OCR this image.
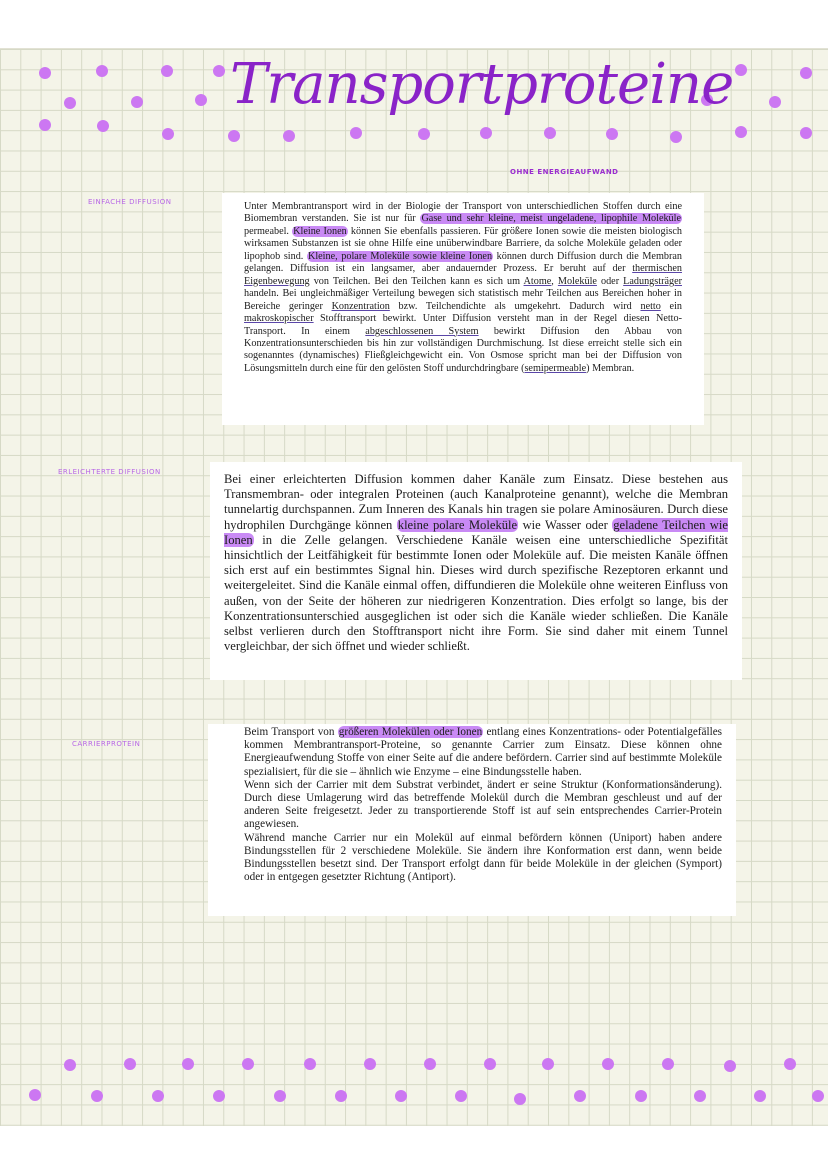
Transportproteine
OHNE ENERGIEAUFWAND
EINFACHE DIFFUSION
ERLEICHTERTE DIFFUSION
CARRIERPROTEIN

Unter Membrantransport wird in der Biologie der Transport von unterschiedlichen Stoffen durch eine Biomembran verstanden. Sie ist nur für Gase und sehr kleine, meist ungeladene, lipophile Moleküle permeabel. Kleine Ionen können Sie ebenfalls passieren. Für größere Ionen sowie die meisten biologisch wirksamen Substanzen ist sie ohne Hilfe eine unüberwindbare Barriere, da solche Moleküle geladen oder lipophob sind. Kleine, polare Moleküle sowie kleine Ionen können durch Diffusion durch die Membran gelangen. Diffusion ist ein langsamer, aber andauernder Prozess. Er beruht auf der thermischen Eigenbewegung von Teilchen. Bei den Teilchen kann es sich um Atome, Moleküle oder Ladungsträger handeln. Bei ungleichmäßiger Verteilung bewegen sich statistisch mehr Teilchen aus Bereichen hoher in Bereiche geringer Konzentration bzw. Teilchendichte als umgekehrt. Dadurch wird netto ein makroskopischer Stofftransport bewirkt. Unter Diffusion versteht man in der Regel diesen Netto-Transport. In einem abgeschlossenen System bewirkt Diffusion den Abbau von Konzentrationsunterschieden bis hin zur vollständigen Durchmischung. Ist diese erreicht stelle sich ein sogenanntes (dynamisches) Fließgleichgewicht ein. Von Osmose spricht man bei der Diffusion von Lösungsmitteln durch eine für den gelösten Stoff undurchdringbare (semipermeable) Membran.

Bei einer erleichterten Diffusion kommen daher Kanäle zum Einsatz. Diese bestehen aus Transmembran- oder integralen Proteinen (auch Kanalproteine genannt), welche die Membran tunnelartig durchspannen. Zum Inneren des Kanals hin tragen sie polare Aminosäuren. Durch diese hydrophilen Durchgänge können kleine polare Moleküle wie Wasser oder geladene Teilchen wie Ionen in die Zelle gelangen. Verschiedene Kanäle weisen eine unterschiedliche Spezifität hinsichtlich der Leitfähigkeit für bestimmte Ionen oder Moleküle auf. Die meisten Kanäle öffnen sich erst auf ein bestimmtes Signal hin. Dieses wird durch spezifische Rezeptoren erkannt und weitergeleitet. Sind die Kanäle einmal offen, diffundieren die Moleküle ohne weiteren Einfluss von außen, von der Seite der höheren zur niedrigeren Konzentration. Dies erfolgt so lange, bis der Konzentrationsunterschied ausgeglichen ist oder sich die Kanäle wieder schließen. Die Kanäle selbst verlieren durch den Stofftransport nicht ihre Form. Sie sind daher mit einem Tunnel vergleichbar, der sich öffnet und wieder schließt.

Beim Transport von größeren Molekülen oder Ionen entlang eines Konzentrations- oder Potentialgefälles kommen Membrantransport-Proteine, so genannte Carrier zum Einsatz. Diese können ohne Energieaufwendung Stoffe von einer Seite auf die andere befördern. Carrier sind auf bestimmte Moleküle spezialisiert, für die sie – ähnlich wie Enzyme – eine Bindungsstelle haben.

Wenn sich der Carrier mit dem Substrat verbindet, ändert er seine Struktur (Konformationsänderung). Durch diese Umlagerung wird das betreffende Molekül durch die Membran geschleust und auf der anderen Seite freigesetzt. Jeder zu transportierende Stoff ist auf sein entsprechendes Carrier-Protein angewiesen.

Während manche Carrier nur ein Molekül auf einmal befördern können (Uniport) haben andere Bindungsstellen für 2 verschiedene Moleküle. Sie ändern ihre Konformation erst dann, wenn beide Bindungsstellen besetzt sind. Der Transport erfolgt dann für beide Moleküle in der gleichen (Symport) oder in entgegen gesetzter Richtung (Antiport).
